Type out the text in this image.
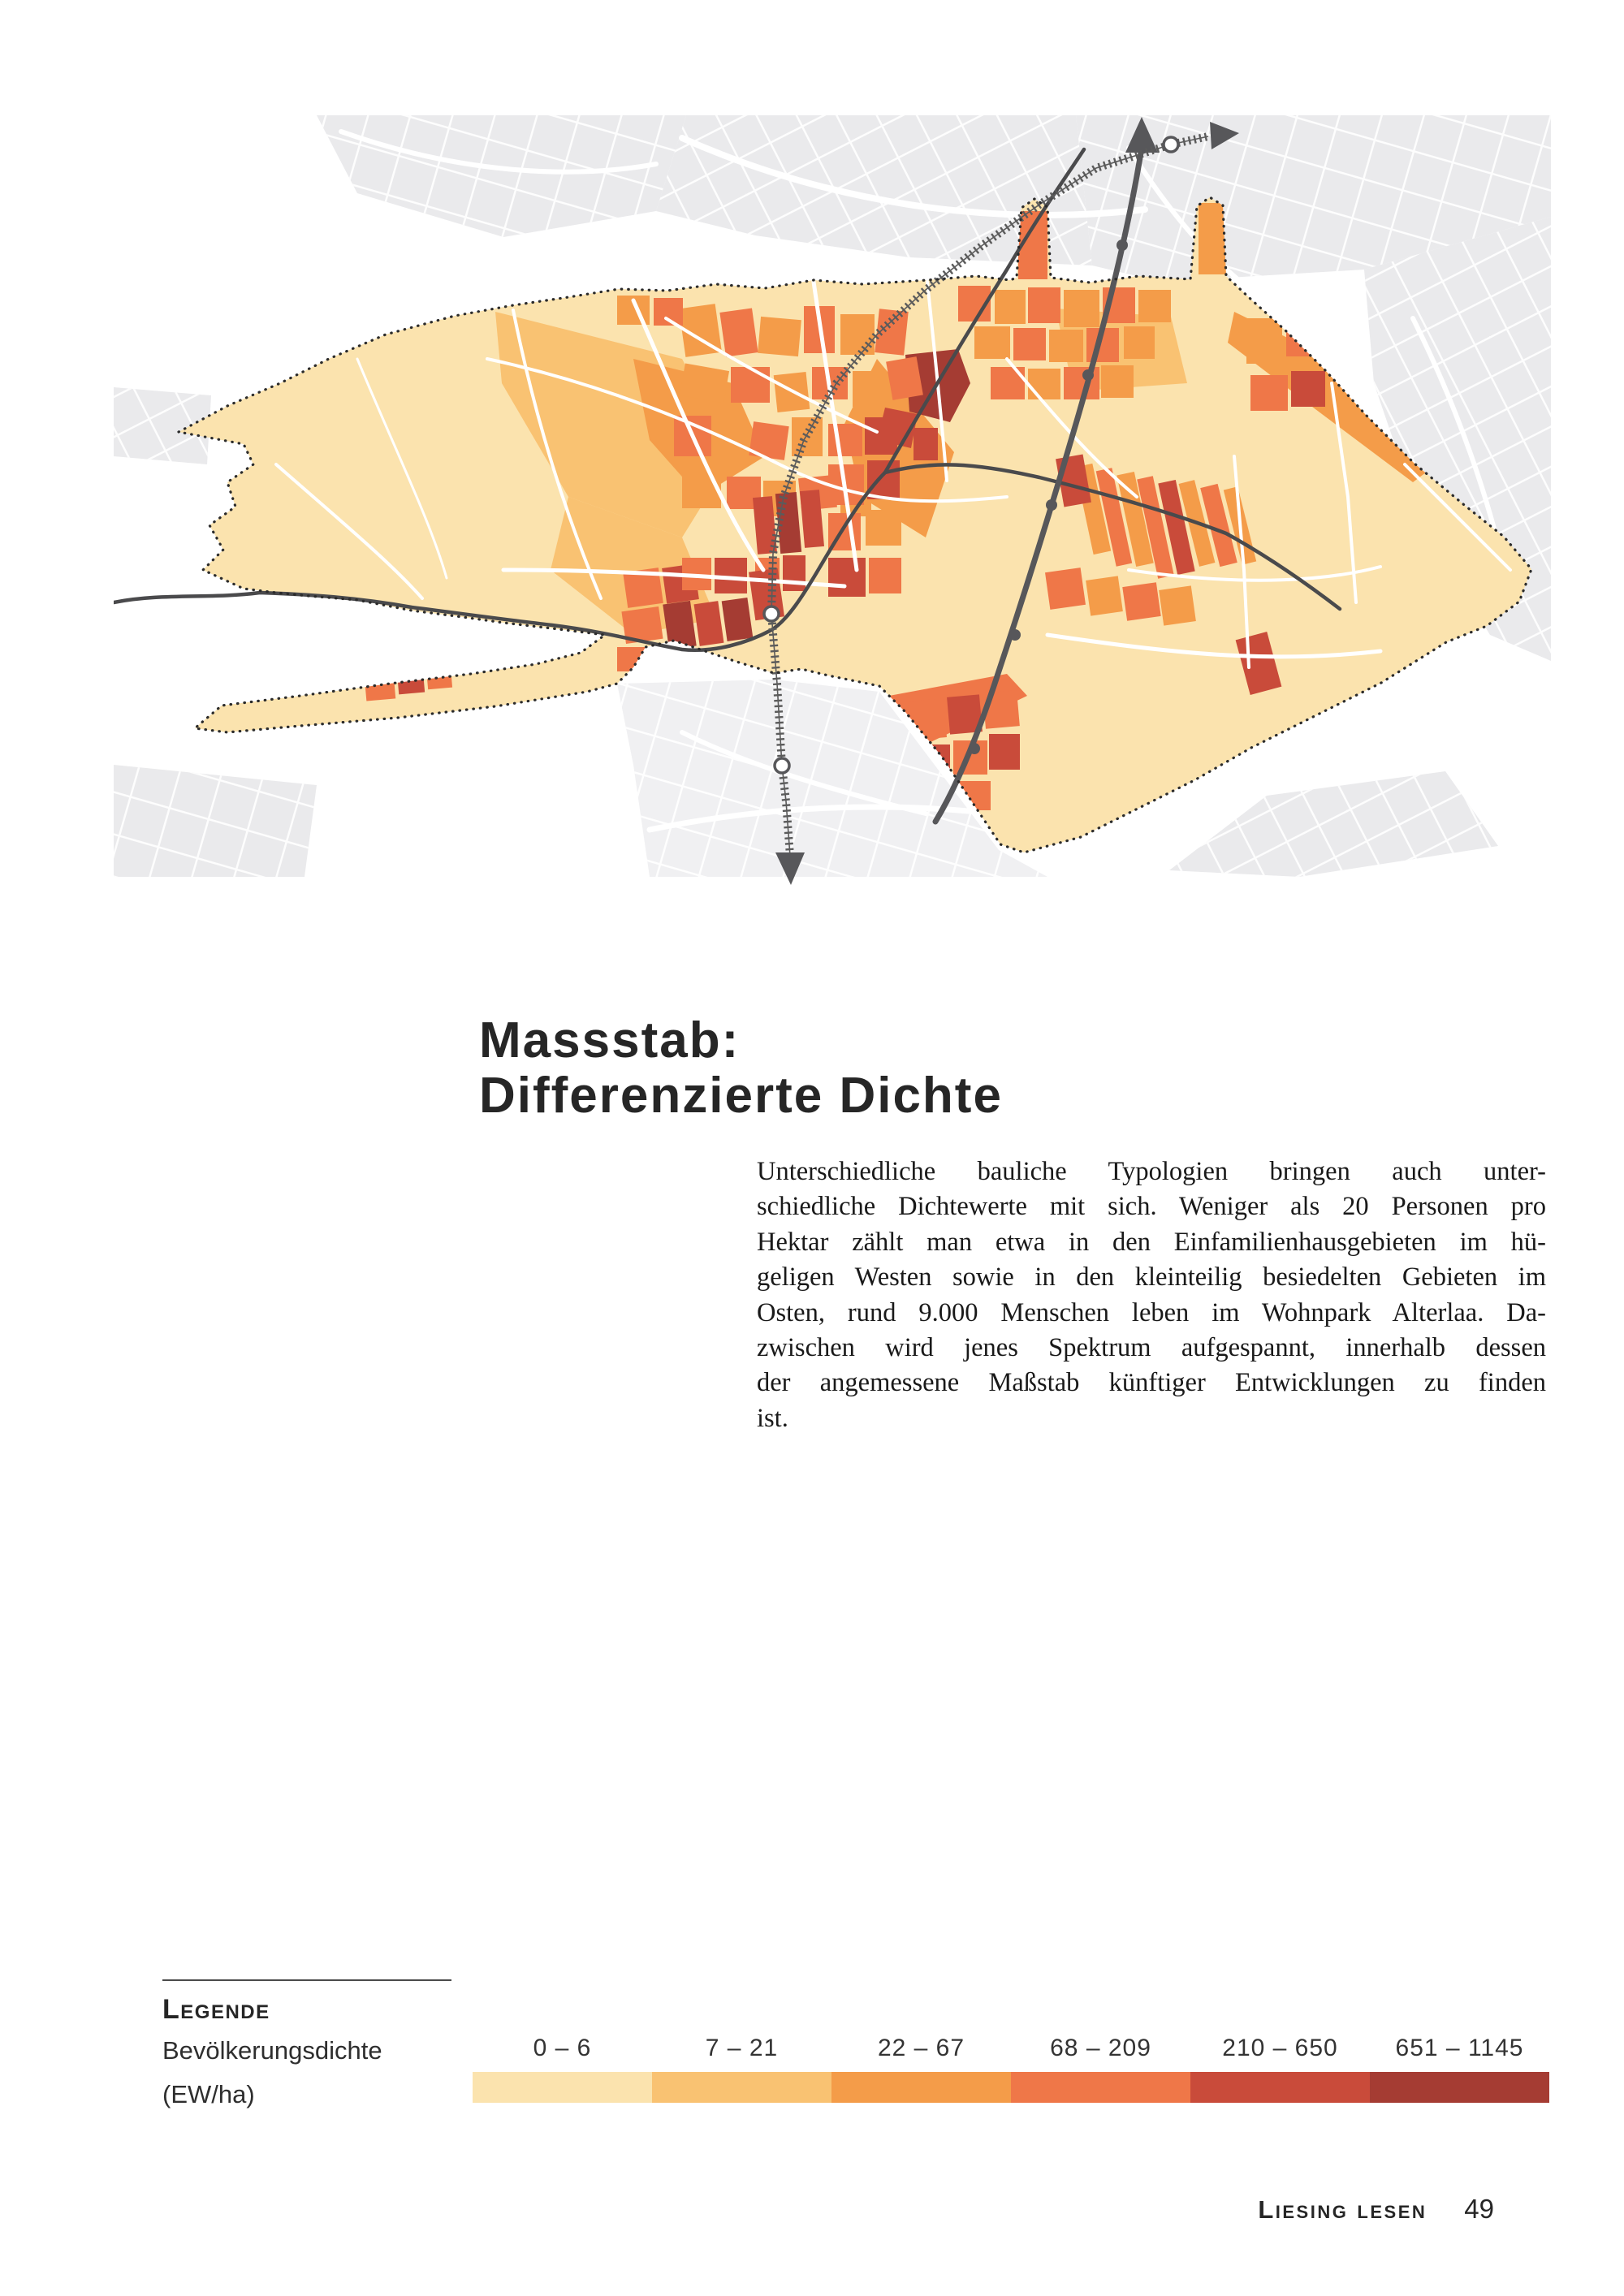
Massstab:
Differenzierte Dichte
Unterschiedliche bauliche Typologien bringen auch unter-
schiedliche Dichtewerte mit sich. Weniger als 20 Personen pro
Hektar zählt man etwa in den Einfamilienhausgebieten im hü-
geligen Westen sowie in den kleinteilig besiedelten Gebieten im
Osten, rund 9.000 Menschen leben im Wohnpark Alterlaa. Da-
zwischen wird jenes Spektrum aufgespannt, innerhalb dessen
der angemessene Maßstab künftiger Entwicklungen zu finden
ist.
Legende
Bevölkerungsdichte
(EW/ha)
0 – 6	7 – 21	22 – 67	68 – 209	210 – 650	651 – 1145
Liesing lesen 49
